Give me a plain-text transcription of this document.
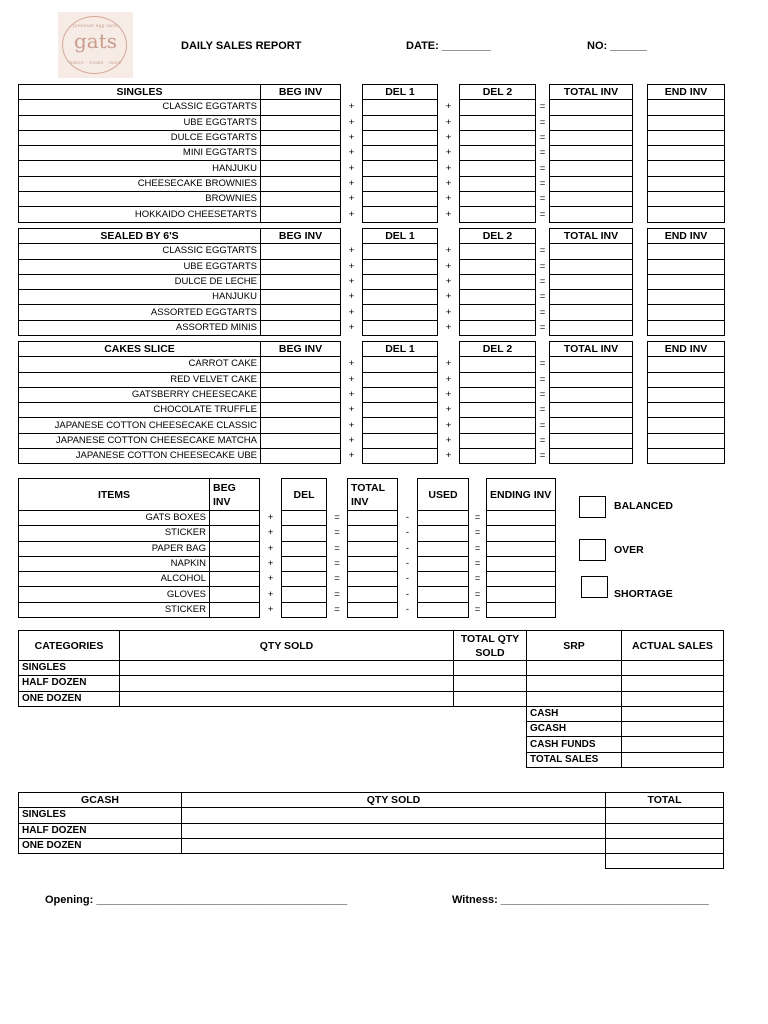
premium egg tarts
gats
bakes · treats · more
DAILY SALES REPORT	DATE: ________	NO: ______
SINGLES	BEG INV		DEL 1		DEL 2		TOTAL INV		END INV
CLASSIC EGGTARTS		+		+		=			
UBE EGGTARTS		+		+		=			
DULCE EGGTARTS		+		+		=			
MINI EGGTARTS		+		+		=			
HANJUKU		+		+		=			
CHEESECAKE BROWNIES		+		+		=			
BROWNIES		+		+		=			
HOKKAIDO CHEESETARTS		+		+		=			
SEALED BY 6'S	BEG INV		DEL 1		DEL 2		TOTAL INV		END INV
CLASSIC EGGTARTS		+		+		=			
UBE EGGTARTS		+		+		=			
DULCE DE LECHE		+		+		=			
HANJUKU		+		+		=			
ASSORTED EGGTARTS		+		+		=			
ASSORTED MINIS		+		+		=			
CAKES SLICE	BEG INV		DEL 1		DEL 2		TOTAL INV		END INV
CARROT CAKE		+		+		=			
RED VELVET CAKE		+		+		=			
GATSBERRY CHEESECAKE		+		+		=			
CHOCOLATE TRUFFLE		+		+		=			
JAPANESE COTTON CHEESECAKE CLASSIC		+		+		=			
JAPANESE COTTON CHEESECAKE MATCHA		+		+		=			
JAPANESE COTTON CHEESECAKE UBE		+		+		=			
ITEMS	BEG INV		DEL		TOTAL INV		USED		ENDING INV
GATS BOXES		+		=		-		=	
STICKER		+		=		-		=	
PAPER BAG		+		=		-		=	
NAPKIN		+		=		-		=	
ALCOHOL		+		=		-		=	
GLOVES		+		=		-		=	
STICKER		+		=		-		=	
BALANCED
OVER
SHORTAGE
CATEGORIES	QTY SOLD	TOTAL QTY SOLD	SRP	ACTUAL SALES
SINGLES				
HALF DOZEN				
ONE DOZEN				
			CASH	
			GCASH	
			CASH FUNDS	
			TOTAL SALES	
GCASH	QTY SOLD	TOTAL
SINGLES		
HALF DOZEN		
ONE DOZEN		

Opening: _________________________________________	Witness: __________________________________
